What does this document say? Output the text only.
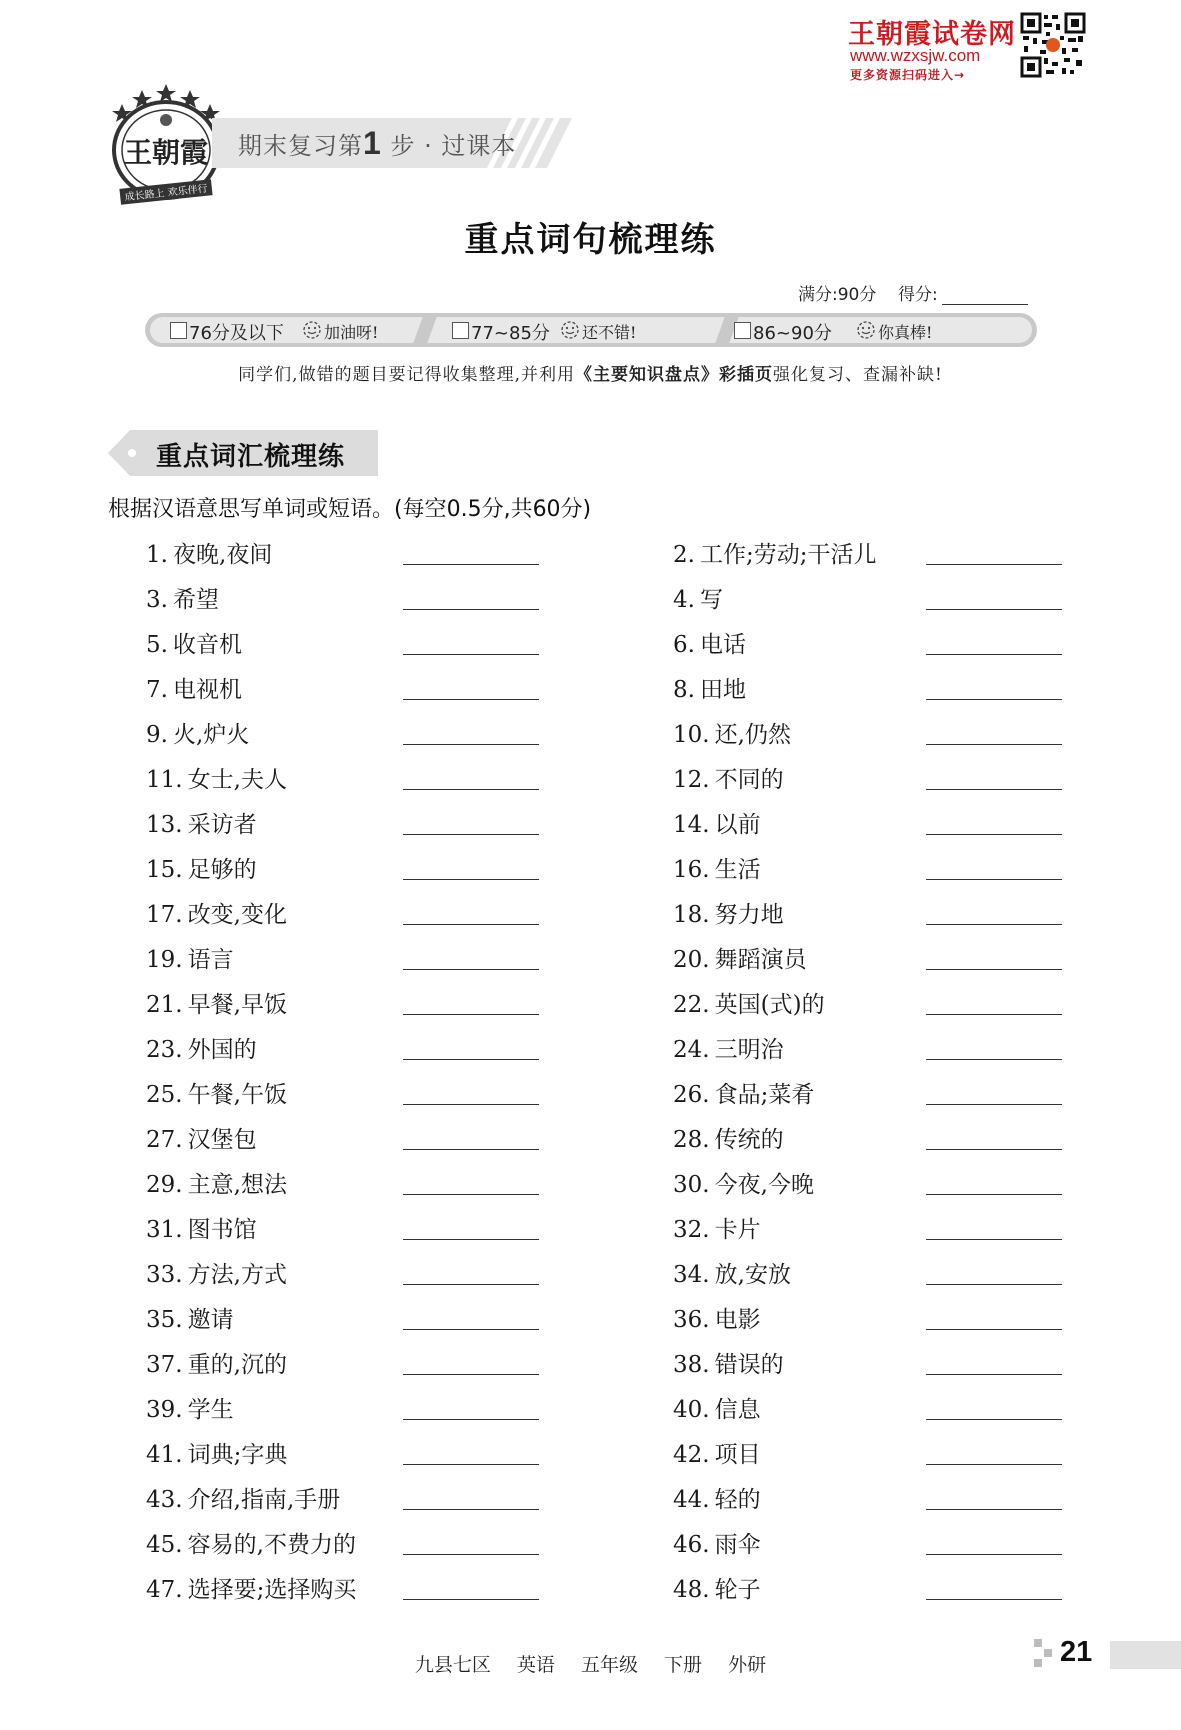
王朝霞试卷网
www.wzxsjw.com
更多资源扫码进入→
王朝霞
成长路上 欢乐伴行
期末复习第1 步 · 过课本
重点词句梳理练
满分:90分 得分:
76分及以下	加油呀!	77~85分 还不错!	86~90分	你真棒!
同学们,做错的题目要记得收集整理,并利用《主要知识盘点》彩插页强化复习、查漏补缺!
重点词汇梳理练
根据汉语意思写单词或短语。(每空0.5分,共60分)
1. 夜晚,夜间	2. 工作;劳动;干活儿
3. 希望	4. 写
5. 收音机	6. 电话
7. 电视机	8. 田地
9. 火,炉火	10. 还,仍然
11. 女士,夫人	12. 不同的
13. 采访者	14. 以前
15. 足够的	16. 生活
17. 改变,变化	18. 努力地
19. 语言	20. 舞蹈演员
21. 早餐,早饭	22. 英国(式)的
23. 外国的	24. 三明治
25. 午餐,午饭	26. 食品;菜肴
27. 汉堡包	28. 传统的
29. 主意,想法	30. 今夜,今晚
31. 图书馆	32. 卡片
33. 方法,方式	34. 放,安放
35. 邀请	36. 电影
37. 重的,沉的	38. 错误的
39. 学生	40. 信息
41. 词典;字典	42. 项目
43. 介绍,指南,手册	44. 轻的
45. 容易的,不费力的	46. 雨伞
47. 选择要;选择购买	48. 轮子
九县七区 英语 五年级 下册 外研	21
